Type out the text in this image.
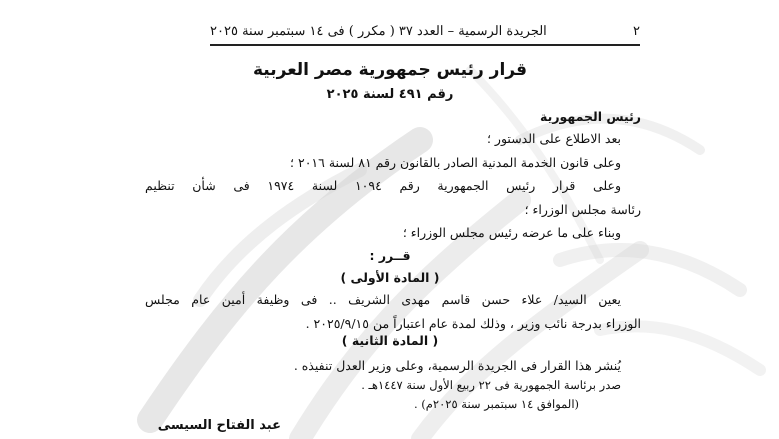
٢
الجريدة الرسمية – العدد ٣٧ ( مكرر ) فى ١٤ سبتمبر سنة ٢٠٢٥
قرار رئيس جمهورية مصر العربية
رقم ٤٩١ لسنة ٢٠٢٥
رئيس الجمهورية
بعد الاطلاع على الدستور ؛
وعلى قانون الخدمة المدنية الصادر بالقانون رقم ٨١ لسنة ٢٠١٦ ؛
وعلى قرار رئيس الجمهورية رقم ١٠٩٤ لسنة ١٩٧٤ فى شأن تنظيم
رئاسة مجلس الوزراء ؛
وبناء على ما عرضه رئيس مجلس الوزراء ؛
قــرر :
( المادة الأولى )
يعين السيد/ علاء حسن قاسم مهدى الشريف .. فى وظيفة أمين عام مجلس
الوزراء بدرجة نائب وزير ، وذلك لمدة عام اعتباراً من ٢٠٢٥/٩/١٥ .
( المادة الثانية )
يُنشر هذا القرار فى الجريدة الرسمية، وعلى وزير العدل تنفيذه .
صدر برئاسة الجمهورية فى ٢٢ ربيع الأول سنة ١٤٤٧هـ .
(الموافق ١٤ سبتمبر سنة ٢٠٢٥م) .
عبد الفتاح السيسى
